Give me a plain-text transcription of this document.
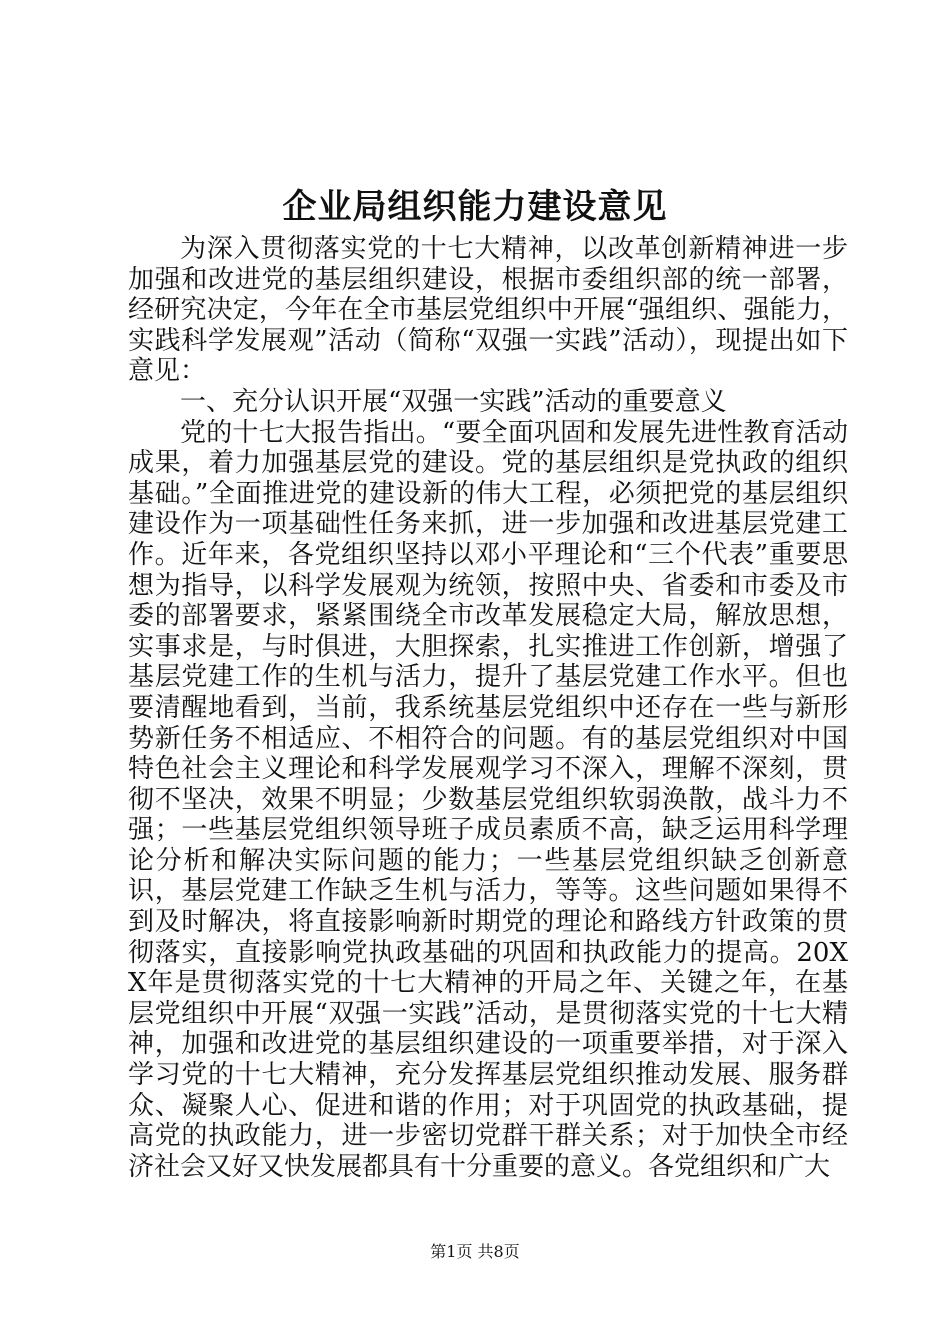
企业局组织能力建设意见

为深入贯彻落实党的十七大精神，以改革创新精神进一步加强和改进党的基层组织建设，根据市委组织部的统一部署，经研究决定，今年在全市基层党组织中开展“强组织、强能力，实践科学发展观”活动（简称“双强一实践”活动），现提出如下意见：

一、充分认识开展“双强一实践”活动的重要意义

党的十七大报告指出。“要全面巩固和发展先进性教育活动成果，着力加强基层党的建设。党的基层组织是党执政的组织基础。”全面推进党的建设新的伟大工程，必须把党的基层组织建设作为一项基础性任务来抓，进一步加强和改进基层党建工作。近年来，各党组织坚持以邓小平理论和“三个代表”重要思想为指导，以科学发展观为统领，按照中央、省委和市委及市委的部署要求，紧紧围绕全市改革发展稳定大局，解放思想，实事求是，与时俱进，大胆探索，扎实推进工作创新，增强了基层党建工作的生机与活力，提升了基层党建工作水平。但也要清醒地看到，当前，我系统基层党组织中还存在一些与新形势新任务不相适应、不相符合的问题。有的基层党组织对中国特色社会主义理论和科学发展观学习不深入，理解不深刻，贯彻不坚决，效果不明显；少数基层党组织软弱涣散，战斗力不强；一些基层党组织领导班子成员素质不高，缺乏运用科学理论分析和解决实际问题的能力；一些基层党组织缺乏创新意识，基层党建工作缺乏生机与活力，等等。这些问题如果得不到及时解决，将直接影响新时期党的理论和路线方针政策的贯彻落实，直接影响党执政基础的巩固和执政能力的提高。20XX年是贯彻落实党的十七大精神的开局之年、关键之年，在基层党组织中开展“双强一实践”活动，是贯彻落实党的十七大精神，加强和改进党的基层组织建设的一项重要举措，对于深入学习党的十七大精神，充分发挥基层党组织推动发展、服务群众、凝聚人心、促进和谐的作用；对于巩固党的执政基础，提高党的执政能力，进一步密切党群干群关系；对于加快全市经济社会又好又快发展都具有十分重要的意义。各党组织和广大

第1页 共8页
